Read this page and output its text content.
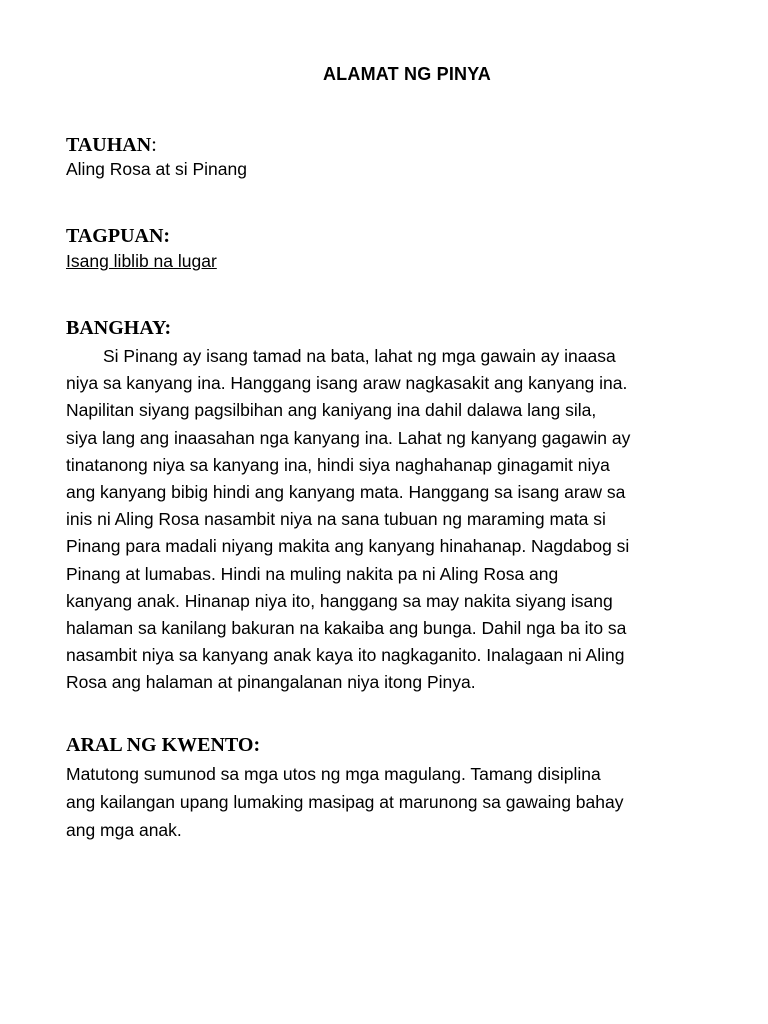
ALAMAT NG PINYA
TAUHAN:
Aling Rosa at si Pinang
TAGPUAN:
Isang liblib na lugar
BANGHAY:
Si Pinang ay isang tamad na bata, lahat ng mga gawain ay inaasa
niya sa kanyang ina. Hanggang isang araw nagkasakit ang kanyang ina.
Napilitan siyang pagsilbihan ang kaniyang ina dahil dalawa lang sila,
siya lang ang inaasahan nga kanyang ina. Lahat ng kanyang gagawin ay
tinatanong niya sa kanyang ina, hindi siya naghahanap ginagamit niya
ang kanyang bibig hindi ang kanyang mata. Hanggang sa isang araw sa
inis ni Aling Rosa nasambit niya na sana tubuan ng maraming mata si
Pinang para madali niyang makita ang kanyang hinahanap. Nagdabog si
Pinang at lumabas. Hindi na muling nakita pa ni Aling Rosa ang
kanyang anak. Hinanap niya ito, hanggang sa may nakita siyang isang
halaman sa kanilang bakuran na kakaiba ang bunga. Dahil nga ba ito sa
nasambit niya sa kanyang anak kaya ito nagkaganito. Inalagaan ni Aling
Rosa ang halaman at pinangalanan niya itong Pinya.
ARAL NG KWENTO:
Matutong sumunod sa mga utos ng mga magulang. Tamang disiplina
ang kailangan upang lumaking masipag at marunong sa gawaing bahay
ang mga anak.
